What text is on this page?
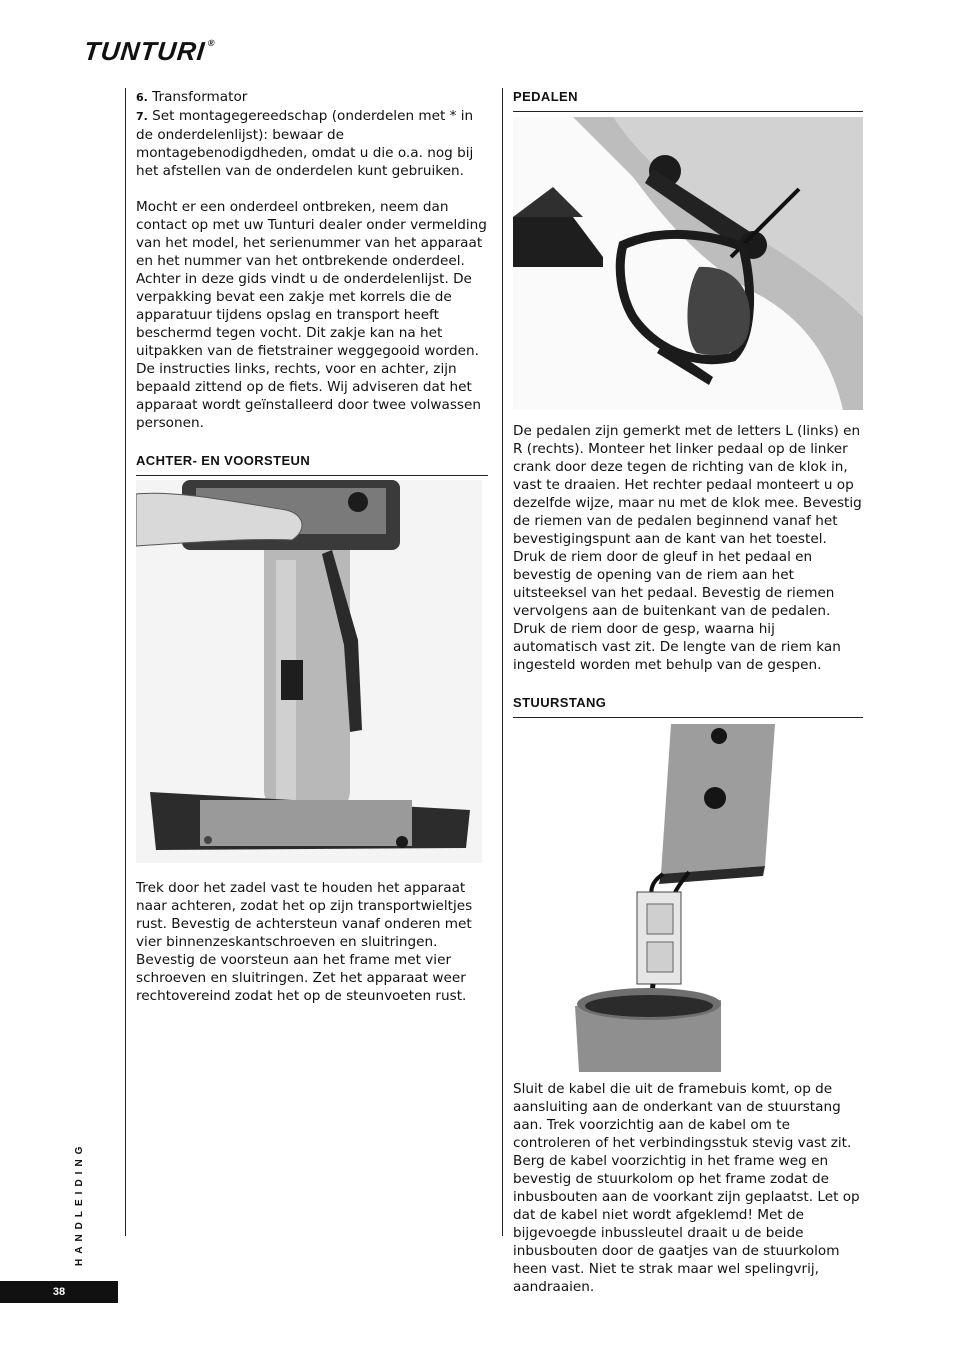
TUNTURI®

6. Transformator

7. Set montagegereedschap (onderdelen met * in de onderdelenlijst): bewaar de montagebenodigdheden, omdat u die o.a. nog bij het afstellen van de onderdelen kunt gebruiken.

Mocht er een onderdeel ontbreken, neem dan contact op met uw Tunturi dealer onder vermelding van het model, het serienummer van het apparaat en het nummer van het ontbrekende onderdeel. Achter in deze gids vindt u de onderdelenlijst. De verpakking bevat een zakje met korrels die de apparatuur tijdens opslag en transport heeft beschermd tegen vocht. Dit zakje kan na het uitpakken van de fietstrainer weggegooid worden. De instructies links, rechts, voor en achter, zijn bepaald zittend op de fiets. Wij adviseren dat het apparaat wordt geïnstalleerd door twee volwassen personen.

ACHTER- EN VOORSTEUN

Trek door het zadel vast te houden het apparaat naar achteren, zodat het op zijn transportwieltjes rust. Bevestig de achtersteun vanaf onderen met vier binnenzeskantschroeven en sluitringen. Bevestig de voorsteun aan het frame met vier schroeven en sluitringen. Zet het apparaat weer rechtovereind zodat het op de steunvoeten rust.

PEDALEN

De pedalen zijn gemerkt met de letters L (links) en R (rechts). Monteer het linker pedaal op de linker crank door deze tegen de richting van de klok in, vast te draaien. Het rechter pedaal monteert u op dezelfde wijze, maar nu met de klok mee. Bevestig de riemen van de pedalen beginnend vanaf het bevestigingspunt aan de kant van het toestel. Druk de riem door de gleuf in het pedaal en bevestig de opening van de riem aan het uitsteeksel van het pedaal. Bevestig de riemen vervolgens aan de buitenkant van de pedalen. Druk de riem door de gesp, waarna hij automatisch vast zit. De lengte van de riem kan ingesteld worden met behulp van de gespen.

STUURSTANG

Sluit de kabel die uit de framebuis komt, op de aansluiting aan de onderkant van de stuurstang aan. Trek voorzichtig aan de kabel om te controleren of het verbindingsstuk stevig vast zit. Berg de kabel voorzichtig in het frame weg en bevestig de stuurkolom op het frame zodat de inbusbouten aan de voorkant zijn geplaatst. Let op dat de kabel niet wordt afgeklemd! Met de bijgevoegde inbussleutel draait u de beide inbusbouten door de gaatjes van de stuurkolom heen vast. Niet te strak maar wel spelingvrij, aandraaien.

HANDLEIDING
38
